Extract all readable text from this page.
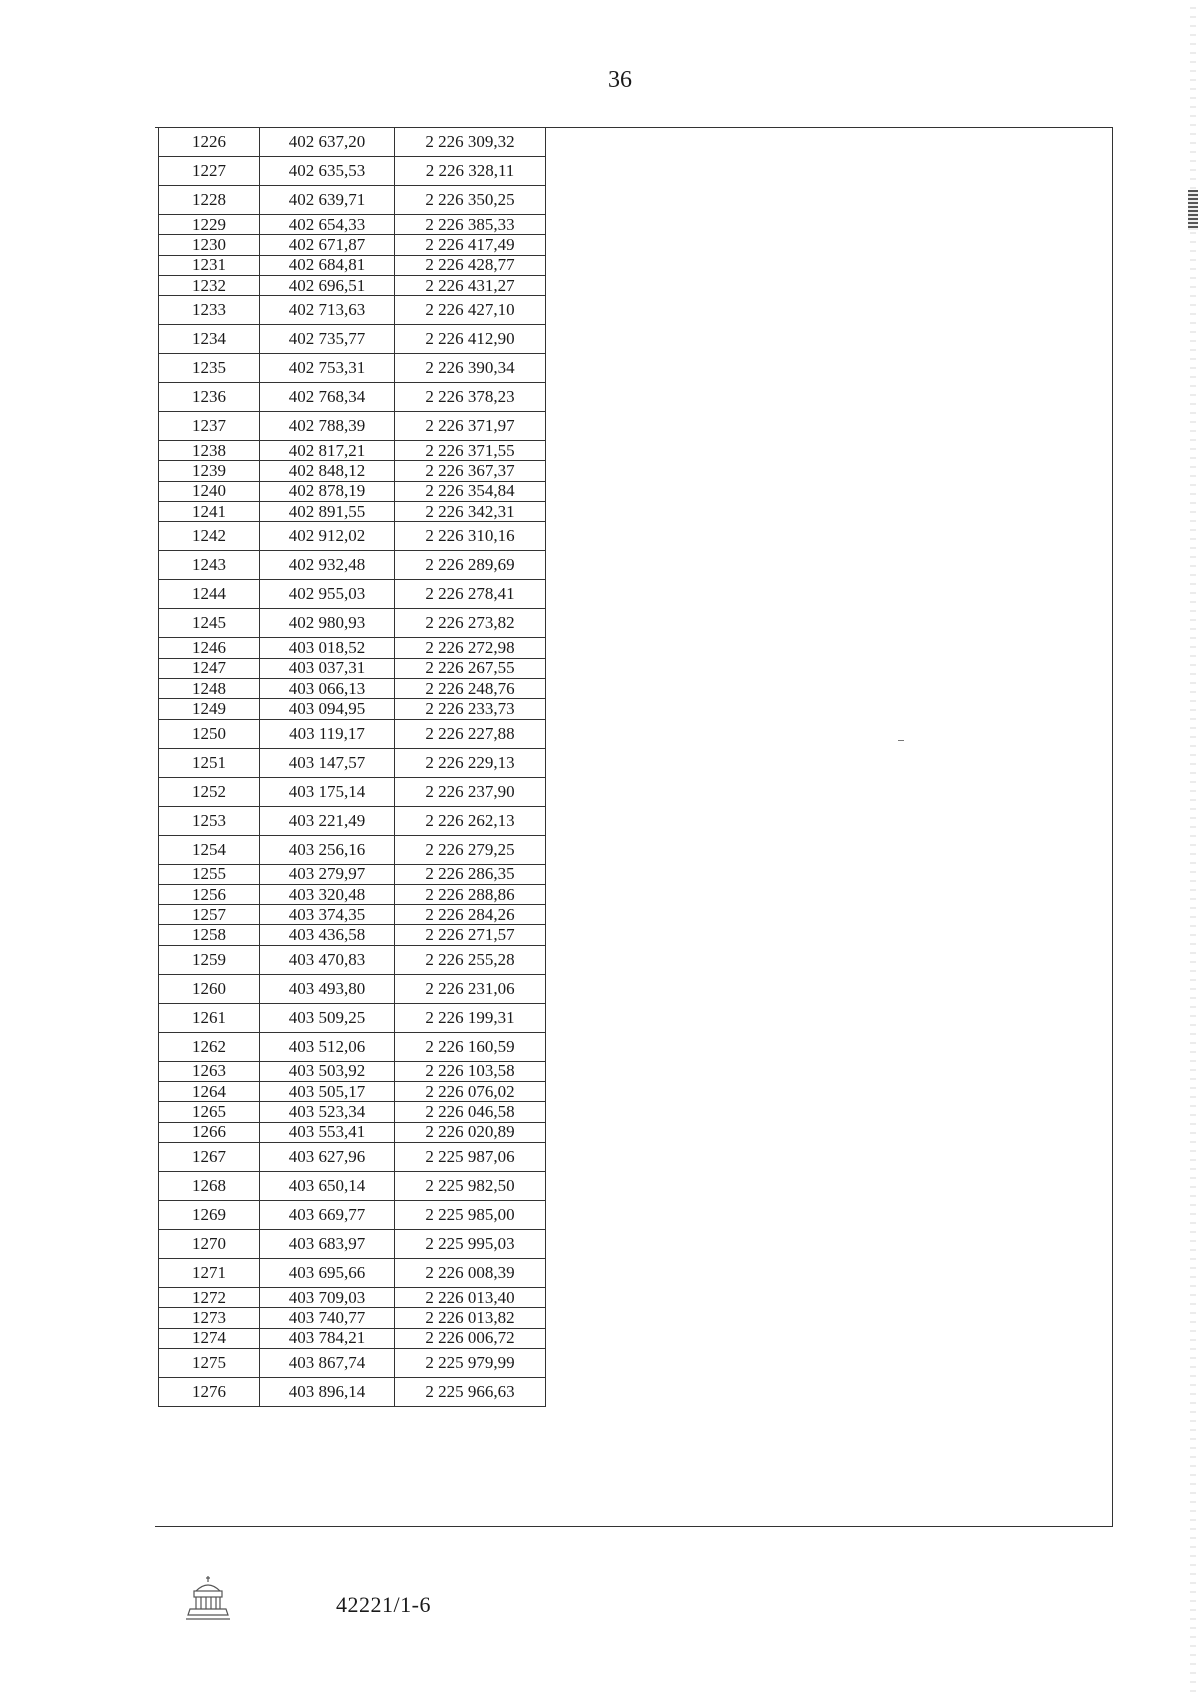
36
1226	402 637,20	2 226 309,32
1227	402 635,53	2 226 328,11
1228	402 639,71	2 226 350,25
1229	402 654,33	2 226 385,33
1230	402 671,87	2 226 417,49
1231	402 684,81	2 226 428,77
1232	402 696,51	2 226 431,27
1233	402 713,63	2 226 427,10
1234	402 735,77	2 226 412,90
1235	402 753,31	2 226 390,34
1236	402 768,34	2 226 378,23
1237	402 788,39	2 226 371,97
1238	402 817,21	2 226 371,55
1239	402 848,12	2 226 367,37
1240	402 878,19	2 226 354,84
1241	402 891,55	2 226 342,31
1242	402 912,02	2 226 310,16
1243	402 932,48	2 226 289,69
1244	402 955,03	2 226 278,41
1245	402 980,93	2 226 273,82
1246	403 018,52	2 226 272,98
1247	403 037,31	2 226 267,55
1248	403 066,13	2 226 248,76
1249	403 094,95	2 226 233,73
1250	403 119,17	2 226 227,88
1251	403 147,57	2 226 229,13
1252	403 175,14	2 226 237,90
1253	403 221,49	2 226 262,13
1254	403 256,16	2 226 279,25
1255	403 279,97	2 226 286,35
1256	403 320,48	2 226 288,86
1257	403 374,35	2 226 284,26
1258	403 436,58	2 226 271,57
1259	403 470,83	2 226 255,28
1260	403 493,80	2 226 231,06
1261	403 509,25	2 226 199,31
1262	403 512,06	2 226 160,59
1263	403 503,92	2 226 103,58
1264	403 505,17	2 226 076,02
1265	403 523,34	2 226 046,58
1266	403 553,41	2 226 020,89
1267	403 627,96	2 225 987,06
1268	403 650,14	2 225 982,50
1269	403 669,77	2 225 985,00
1270	403 683,97	2 225 995,03
1271	403 695,66	2 226 008,39
1272	403 709,03	2 226 013,40
1273	403 740,77	2 226 013,82
1274	403 784,21	2 226 006,72
1275	403 867,74	2 225 979,99
1276	403 896,14	2 225 966,63
42221/1-6
